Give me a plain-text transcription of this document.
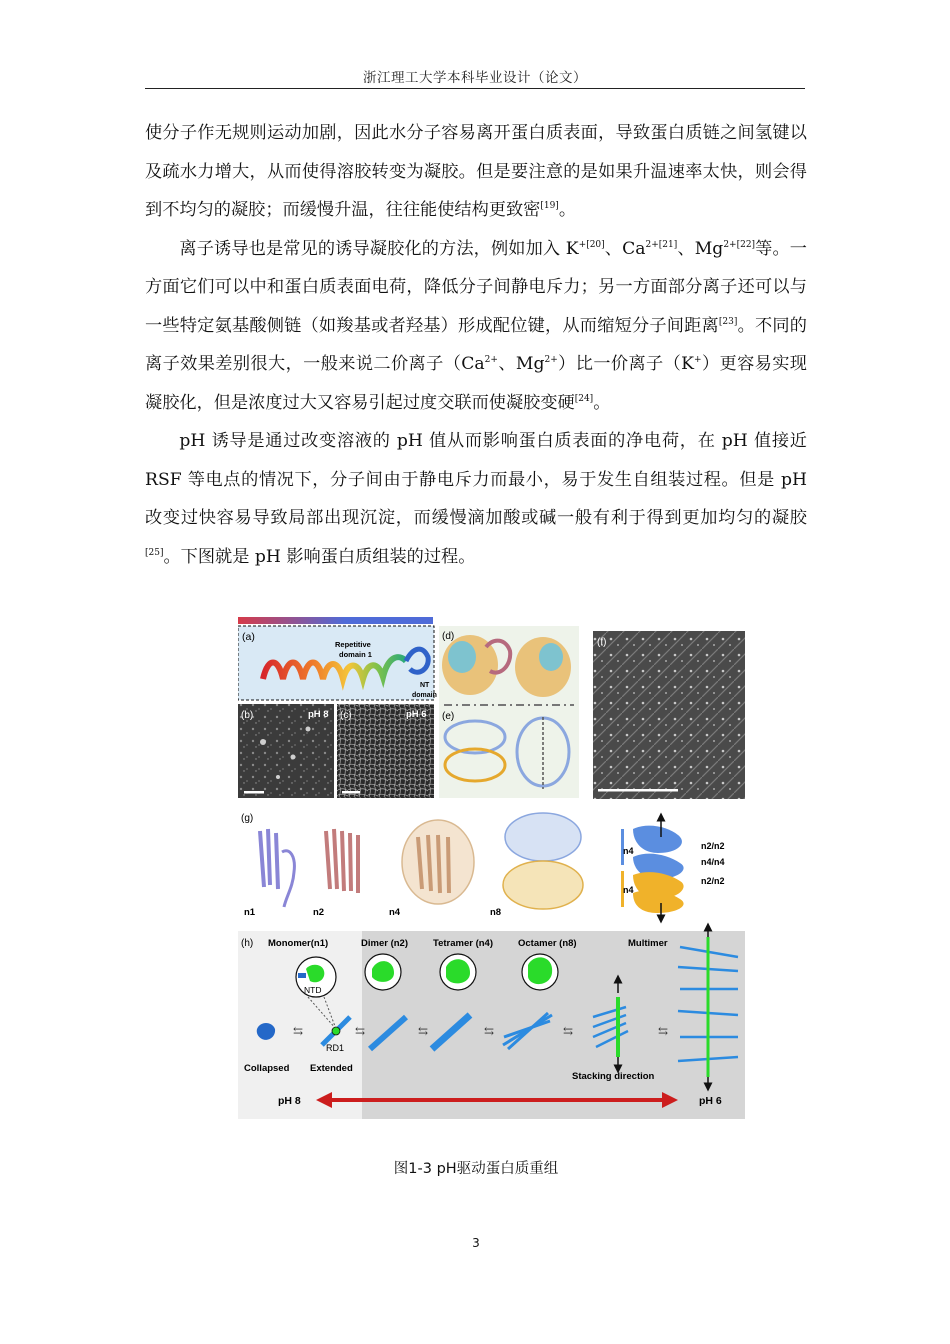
浙江理工大学本科毕业设计（论文）

使分子作无规则运动加剧，因此水分子容易离开蛋白质表面，导致蛋白质链之间氢键以及疏水力增大，从而使得溶胶转变为凝胶。但是要注意的是如果升温速率太快，则会得到不均匀的凝胶；而缓慢升温，往往能使结构更致密[19]。

离子诱导也是常见的诱导凝胶化的方法，例如加入 $K^{+[20]}$、$Ca^{2+[21]}$、$Mg^{2+[22]}$等。一方面它们可以中和蛋白质表面电荷，降低分子间静电斥力；另一方面部分离子还可以与一些特定氨基酸侧链（如羧基或者羟基）形成配位键，从而缩短分子间距离[23]。不同的离子效果差别很大，一般来说二价离子（$Ca^{2+}$、$Mg^{2+}$）比一价离子（K+）更容易实现凝胶化，但是浓度过大又容易引起过度交联而使凝胶变硬[24]。

pH 诱导是通过改变溶液的 pH 值从而影响蛋白质表面的净电荷，在 pH 值接近 RSF 等电点的情况下，分子间由于静电斥力而最小，易于发生自组装过程。但是 pH 改变过快容易导致局部出现沉淀，而缓慢滴加酸或碱一般有利于得到更加均匀的凝胶[25]。下图就是 pH 影响蛋白质组装的过程。

(a)
Repetitive
domain 1
NT
domain
(b)	pH 8 (c)	pH 6
(d)
(e)
(f)
(g)
n1	n2	n4	n8
n4
n4
n2/n2
n4/n4
n2/n2
(h) Monomer(n1)	Dimer (n2)	Tetramer (n4)	Octamer (n8)	Multimer
NTD
RD1
⇆	⇆	⇆	⇆	⇆	⇆
Collapsed Extended
Stacking direction
pH 8	pH 6
图1-3 pH驱动蛋白质重组
3
